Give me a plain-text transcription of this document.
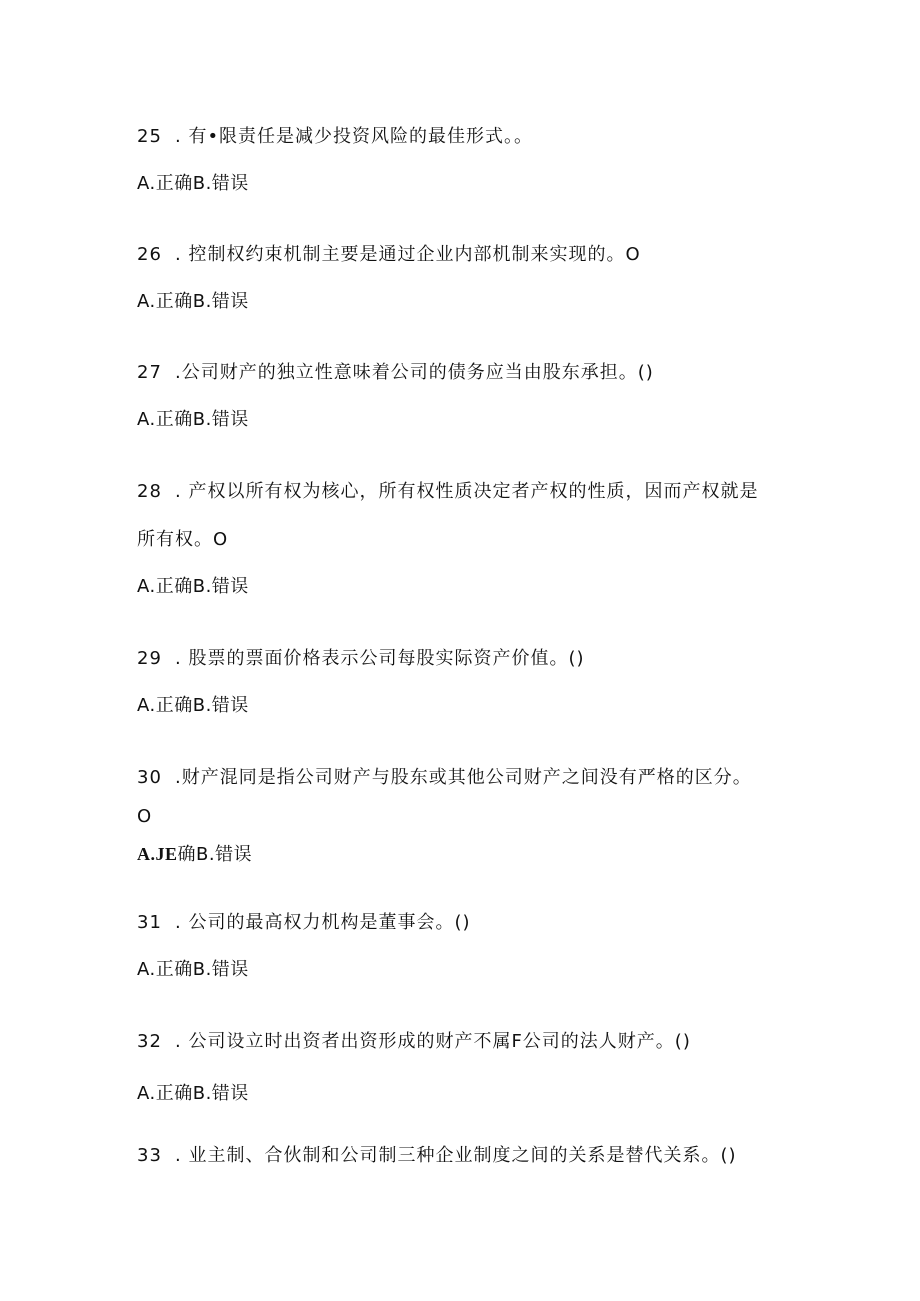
25 . 有•限责任是减少投资风险的最佳形式。。
A.正确B.错误
26 . 控制权约束机制主要是通过企业内部机制来实现的。O
A.正确B.错误
27 .公司财产的独立性意味着公司的债务应当由股东承担。()
A.正确B.错误
28 . 产权以所有权为核心，所有权性质决定者产权的性质，因而产权就是
所有权。O
A.正确B.错误
29 . 股票的票面价格表示公司每股实际资产价值。()
A.正确B.错误
30 .财产混同是指公司财产与股东或其他公司财产之间没有严格的区分。
O
A.JE确B.错误
31 . 公司的最高权力机构是董事会。()
A.正确B.错误
32 . 公司设立时出资者出资形成的财产不属F公司的法人财产。()
A.正确B.错误
33 . 业主制、合伙制和公司制三种企业制度之间的关系是替代关系。()
